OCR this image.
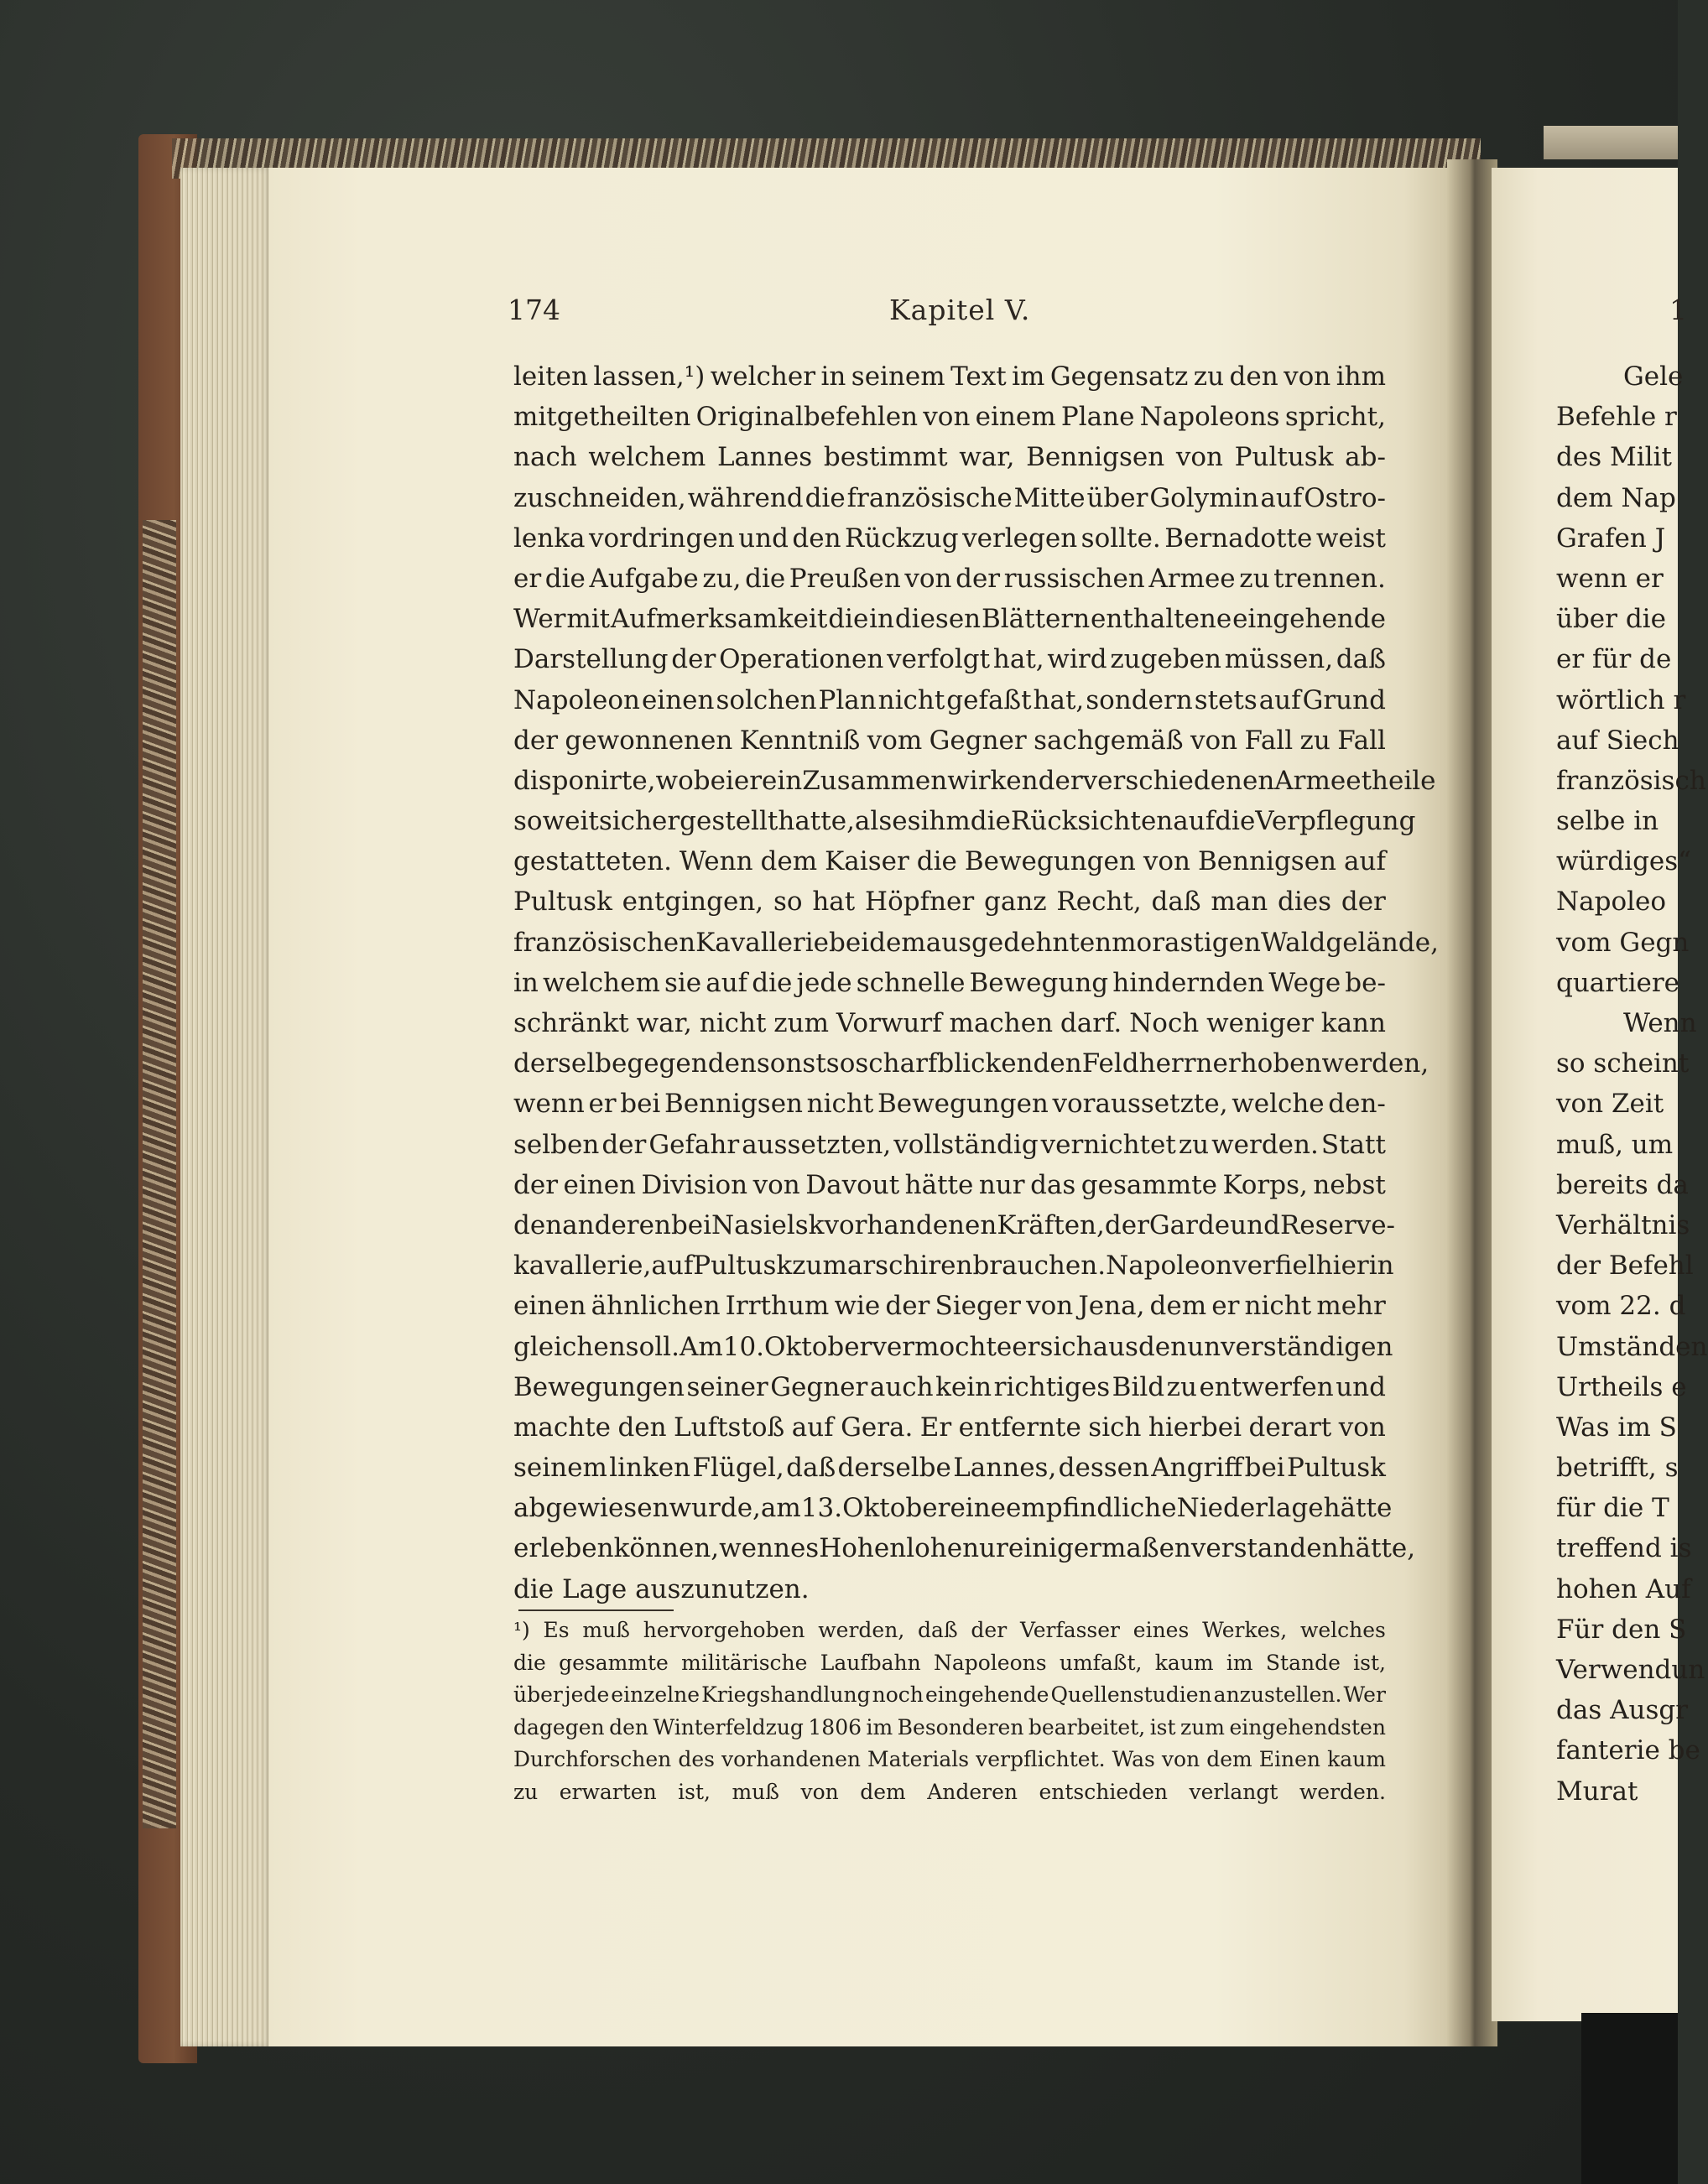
174	Kapitel V.
leiten lassen,¹) welcher in seinem Text im Gegensatz zu den von ihm
mitgetheilten Originalbefehlen von einem Plane Napoleons spricht,
nach welchem Lannes bestimmt war, Bennigsen von Pultusk ab-
zuschneiden, während die französische Mitte über Golymin auf Ostro-
lenka vordringen und den Rückzug verlegen sollte. Bernadotte weist
er die Aufgabe zu, die Preußen von der russischen Armee zu trennen.
Wer mit Aufmerksamkeit die in diesen Blättern enthaltene eingehende
Darstellung der Operationen verfolgt hat, wird zugeben müssen, daß
Napoleon einen solchen Plan nicht gefaßt hat, sondern stets auf Grund
der gewonnenen Kenntniß vom Gegner sachgemäß von Fall zu Fall
disponirte, wobei er ein Zusammenwirken der verschiedenen Armeetheile
so weit sichergestellt hatte, als es ihm die Rücksichten auf die Verpflegung
gestatteten. Wenn dem Kaiser die Bewegungen von Bennigsen auf
Pultusk entgingen, so hat Höpfner ganz Recht, daß man dies der
französischen Kavallerie bei dem ausgedehnten morastigen Waldgelände,
in welchem sie auf die jede schnelle Bewegung hindernden Wege be-
schränkt war, nicht zum Vorwurf machen darf. Noch weniger kann
derselbe gegen den sonst so scharf blickenden Feldherrn erhoben werden,
wenn er bei Bennigsen nicht Bewegungen voraussetzte, welche den-
selben der Gefahr aussetzten, vollständig vernichtet zu werden. Statt
der einen Division von Davout hätte nur das gesammte Korps, nebst
den anderen bei Nasielsk vorhandenen Kräften, der Garde und Reserve-
kavallerie, auf Pultusk zu marschiren brauchen. Napoleon verfiel hier in
einen ähnlichen Irrthum wie der Sieger von Jena, dem er nicht mehr
gleichen soll. Am 10. Oktober vermochte er sich aus den unverständigen
Bewegungen seiner Gegner auch kein richtiges Bild zu entwerfen und
machte den Luftstoß auf Gera. Er entfernte sich hierbei derart von
seinem linken Flügel, daß derselbe Lannes, dessen Angriff bei Pultusk
abgewiesen wurde, am 13. Oktober eine empfindliche Niederlage hätte
erleben können, wenn es Hohenlohe nur einigermaßen verstanden hätte,
die Lage auszunutzen.
¹) Es muß hervorgehoben werden, daß der Verfasser eines Werkes, welches
die gesammte militärische Laufbahn Napoleons umfaßt, kaum im Stande ist,
über jede einzelne Kriegshandlung noch eingehende Quellenstudien anzustellen. Wer
dagegen den Winterfeldzug 1806 im Besonderen bearbeitet, ist zum eingehendsten
Durchforschen des vorhandenen Materials verpflichtet. Was von dem Einen kaum
zu erwarten ist, muß von dem Anderen entschieden verlangt werden.
1
Gele
Befehle r
des Milit
dem Nap
Grafen J
wenn er
über die
er für de
wörtlich r
auf Siech
französisch
selbe in
würdiges“
Napoleo
vom Gegn
quartiere
Wenn
so scheint
von Zeit
muß, um
bereits da
Verhältnis
der Befehl
vom 22. d
Umständen
Urtheils e
Was im S
betrifft, s
für die T
treffend is
hohen Auf
Für den S
Verwendun
das Ausgr
fanterie be
Murat
